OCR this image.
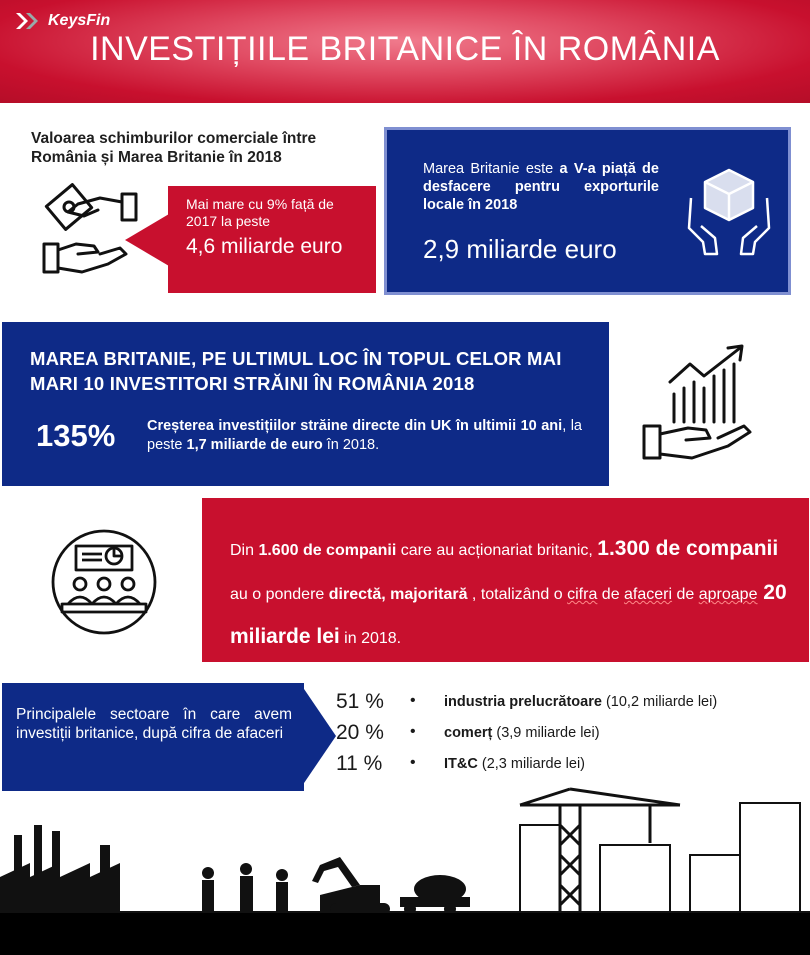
INVESTIȚIILE BRITANICE ÎN ROMÂNIA
Valoarea schimburilor comerciale între România și Marea Britanie în 2018
Mai mare cu 9% față de 2017 la peste
4,6 miliarde euro
Marea Britanie este a V-a piață de desfacere pentru exporturile locale în 2018
2,9 miliarde euro
MAREA BRITANIE, PE ULTIMUL LOC ÎN TOPUL CELOR MAI MARI 10 INVESTITORI STRĂINI ÎN ROMÂNIA 2018
135% Creșterea investițiilor străine directe din UK în ultimii 10 ani, la peste 1,7 miliarde de euro în 2018.
Din 1.600 de companii care au acționariat britanic, 1.300 de companii au o pondere directă, majoritară , totalizând o cifra de afaceri de aproape 20 miliarde lei in 2018.
Principalele sectoare în care avem investiții britanice, după cifra de afaceri
51 % • industria prelucrătoare (10,2 miliarde lei)
20 % • comerț (3,9 miliarde lei)
11 % • IT&C (2,3 miliarde lei)
KeysFin
